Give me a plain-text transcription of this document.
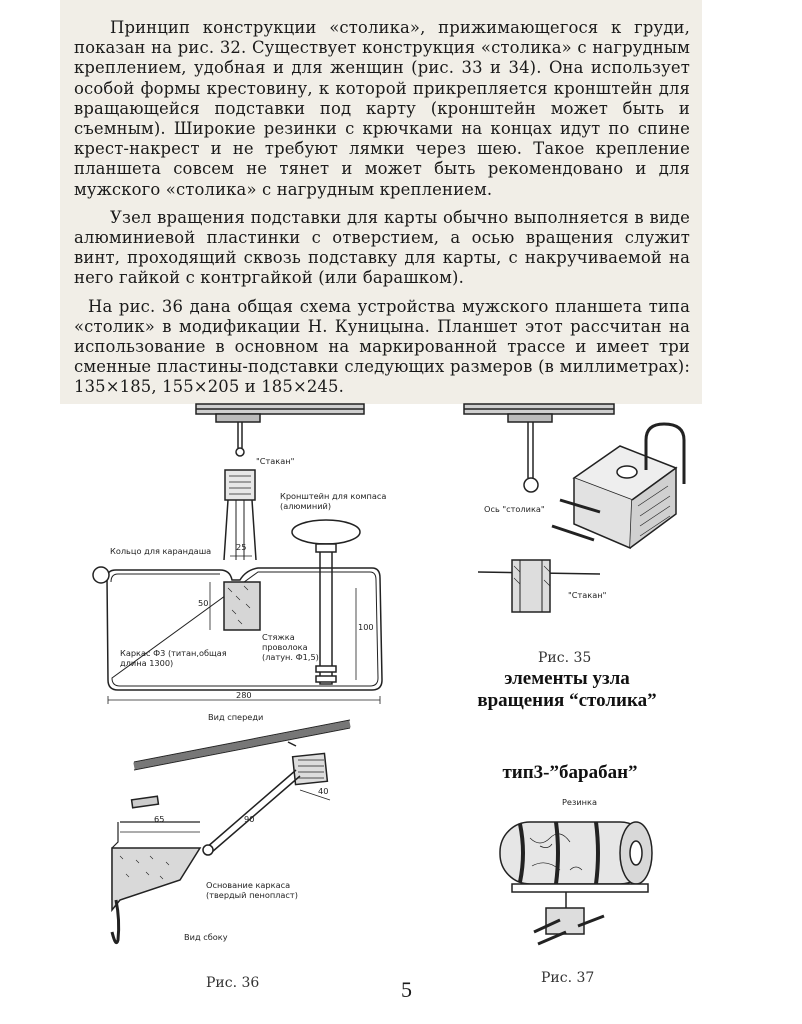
Принцип конструкции «столика», прижимающегося к груди, показан на рис. 32. Существует конструкция «столика» с нагрудным креплением, удобная и для женщин (рис. 33 и 34). Она использует особой формы крестовину, к которой прикрепляется кронштейн для вращающейся подставки под карту (кронштейн может быть и съемным). Широкие резинки с крючками на концах идут по спине крест-накрест и не требуют лямки через шею. Такое крепление планшета совсем не тянет и может быть рекомендовано и для мужского «столика» с нагрудным креплением.

Узел вращения подставки для карты обычно выполняется в виде алюминиевой пластинки с отверстием, а осью вращения служит винт, проходящий сквозь подставку для карты, с накручиваемой на него гайкой с контргайкой (или барашком).

На рис. 36 дана общая схема устройства мужского планшета типа «столик» в модификации Н. Куницына. Планшет этот рассчитан на использование в основном на маркированной трассе и имеет три сменные пластины-подставки следующих размеров (в миллиметрах): 135×185, 155×205 и 185×245.

"Стакан"
Кронштейн для компаса (алюминий)
Кольцо для карандаша	25
50
100
280
Каркас Ф3 (титан,общая длина 1300)
Стяжка проволока (латун. Ф1,5)
Вид спереди
40
90
65
Основание каркаса (твердый пенопласт)
Вид сбоку
Рис. 36
Ось "столика"
"Стакан"
Рис. 35
элементы узла вращения “столика”
тип3-”барабан”
Резинка
Рис. 37
5
